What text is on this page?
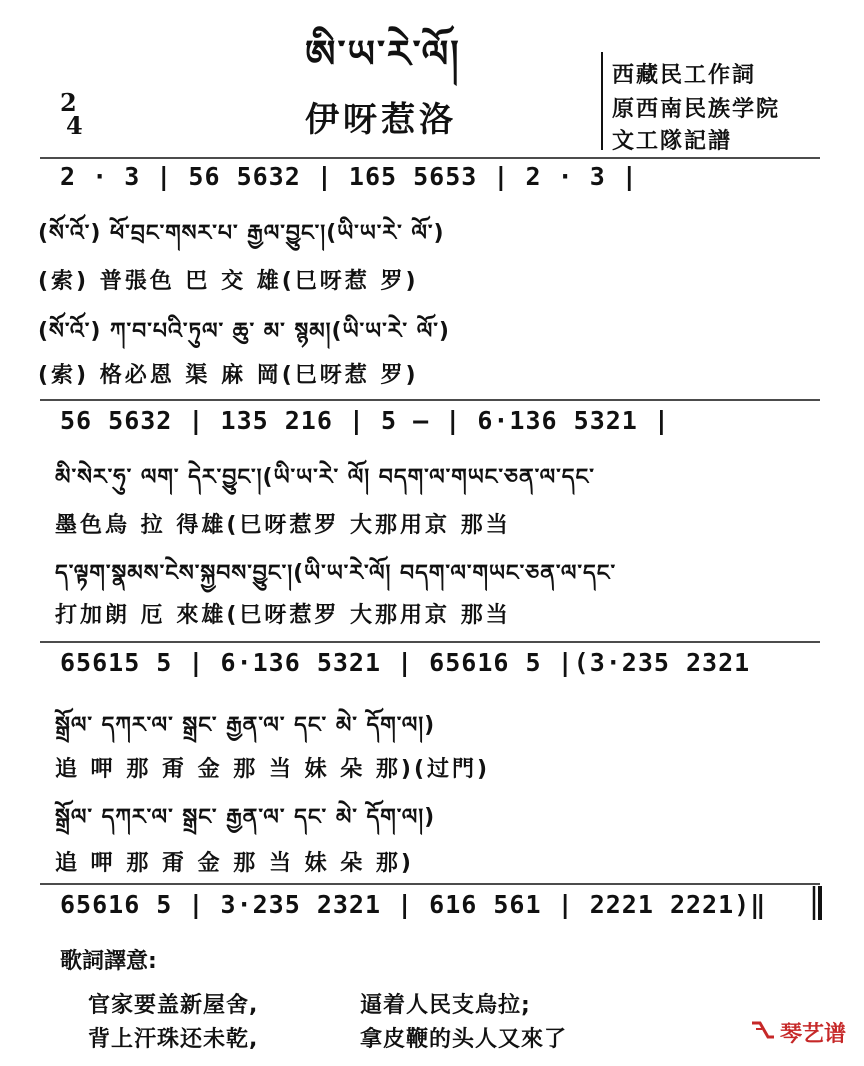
ཨི་ཡ་རེ་ལོ།
伊呀惹洛
2
4
西藏民工作詞
原西南民族学院
文工隊記譜
2 · 3 | 56 5632 | 165 5653 | 2 · 3 |
(སོ་འོ་) ཕོ་བྲང་གསར་པ་ རྒྱལ་བྱུང་།(ཡི་ཡ་རེ་ ལོ་)
(索) 普張色 巴 交 雄(巳呀惹 罗)
(སོ་འོ་) ཀ་བ་པའི་ཏུལ་ ཆུ་ མ་ སྙམ།(ཡི་ཡ་རེ་ ལོ་)
(索) 格必恩 渠 麻 岡(巳呀惹 罗)
56 5632 | 135 216 | 5 — | 6·136 5321 |
མི་སེར་ཧུ་ ལག་ དེར་བྱུང་།(ཡི་ཡ་རེ་ ལོ། བདག་ལ་གཡང་ཅན་ལ་དང་
墨色烏 拉 得雄(巳呀惹罗 大那用京 那当
ད་ལྟག་སྣམས་ངེས་སྐྱབས་བྱུང་།(ཡི་ཡ་རེ་ལོ། བདག་ལ་གཡང་ཅན་ལ་དང་
打加朗 厄 來雄(巳呀惹罗 大那用京 那当
65615 5 | 6·136 5321 | 65616 5 |(3·235 2321
སྒྲོལ་ དཀར་ལ་ སྒྲང་ རྒྱན་ལ་ དང་ མེ་ དོག་ལ།)
追 呷 那 甭 金 那 当 妹 朵 那)(过門)
སྒྲོལ་ དཀར་ལ་ སྒྲང་ རྒྱན་ལ་ དང་ མེ་ དོག་ལ།)
追 呷 那 甭 金 那 当 妹 朵 那)
65616 5 | 3·235 2321 | 616 561 | 2221 2221)‖
歌詞譯意:
官家要盖新屋舍,	逼着人民支烏拉;
背上汗珠还未乾,	拿皮鞭的头人又來了	琴艺谱
